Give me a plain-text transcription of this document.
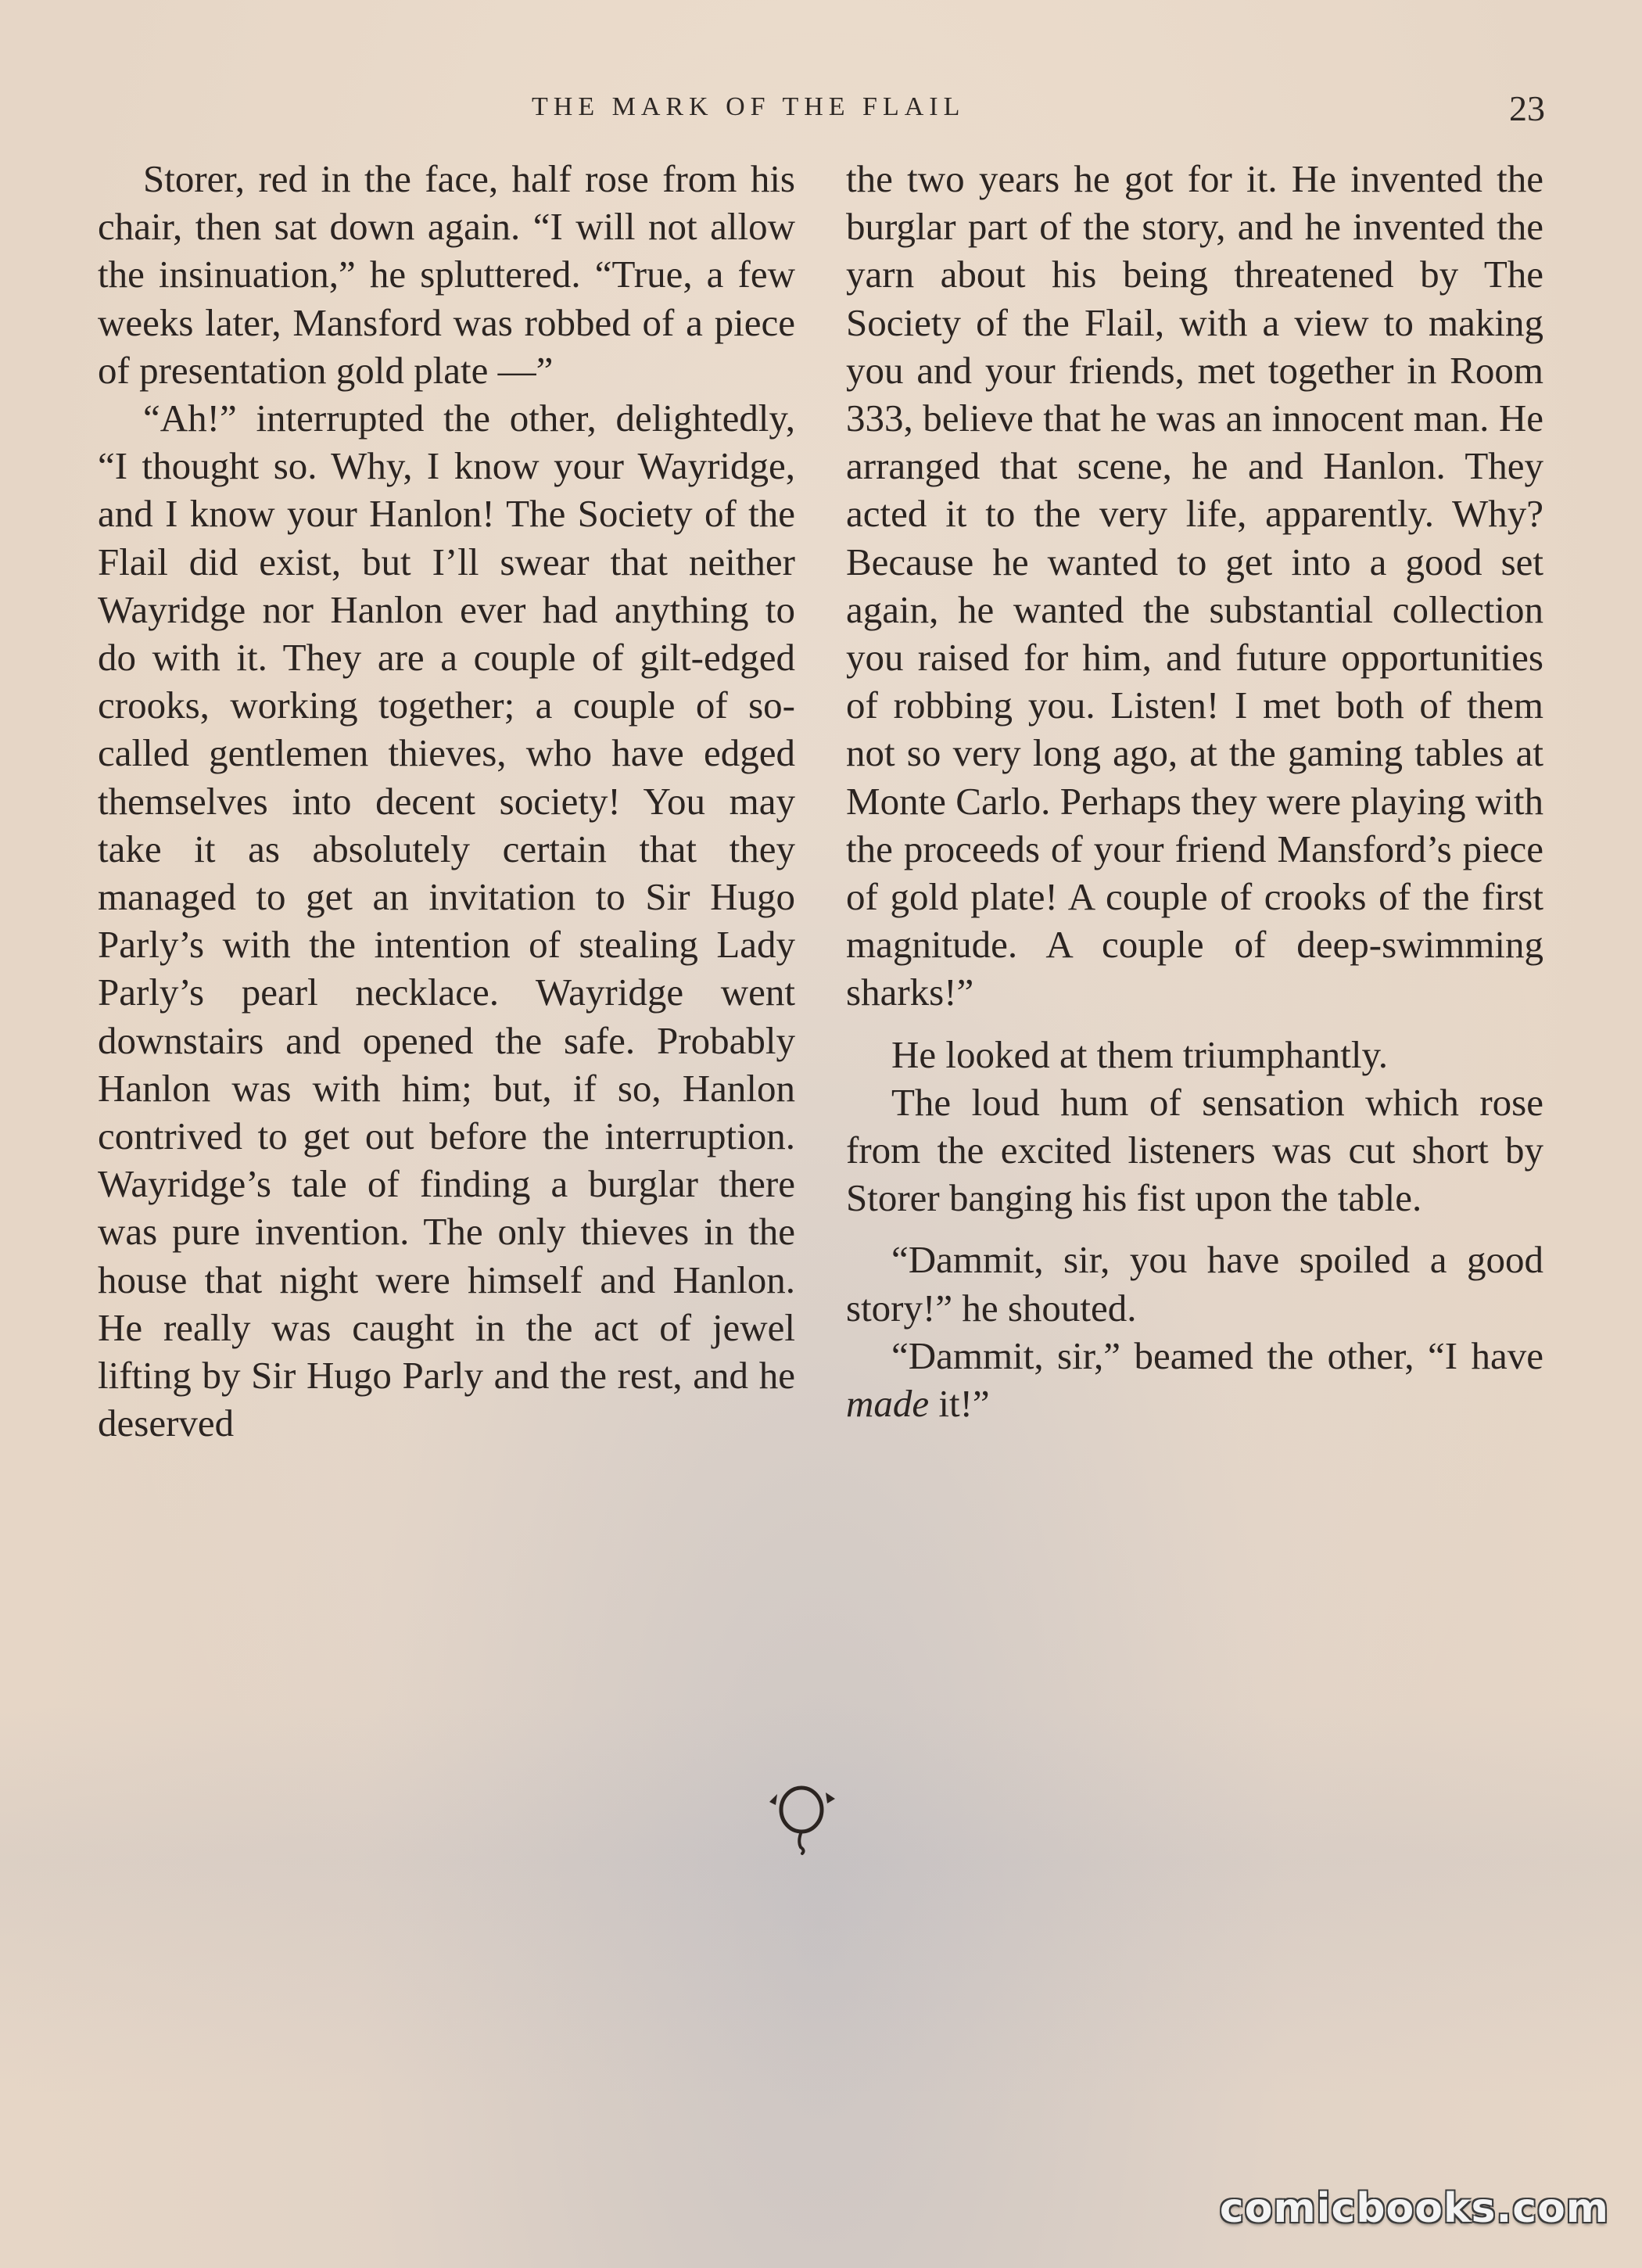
THE MARK OF THE FLAIL	23

Storer, red in the face, half rose from his chair, then sat down again. “I will not allow the insinuation,” he spluttered. “True, a few weeks later, Mansford was robbed of a piece of presentation gold plate —”

“Ah!” interrupted the other, delightedly, “I thought so. Why, I know your Wayridge, and I know your Hanlon! The Society of the Flail did exist, but I’ll swear that neither Wayridge nor Hanlon ever had anything to do with it. They are a couple of gilt-edged crooks, working together; a couple of so-called gentlemen thieves, who have edged themselves into decent society! You may take it as absolutely certain that they managed to get an invitation to Sir Hugo Parly’s with the intention of stealing Lady Parly’s pearl necklace. Wayridge went downstairs and opened the safe. Probably Hanlon was with him; but, if so, Hanlon contrived to get out before the interruption. Wayridge’s tale of finding a burglar there was pure invention. The only thieves in the house that night were himself and Hanlon. He really was caught in the act of jewel lifting by Sir Hugo Parly and the rest, and he deserved

the two years he got for it. He invented the burglar part of the story, and he invented the yarn about his being threatened by The Society of the Flail, with a view to making you and your friends, met together in Room 333, believe that he was an innocent man. He arranged that scene, he and Hanlon. They acted it to the very life, apparently. Why? Because he wanted to get into a good set again, he wanted the substantial collection you raised for him, and future opportunities of robbing you. Listen! I met both of them not so very long ago, at the gaming tables at Monte Carlo. Perhaps they were playing with the proceeds of your friend Mansford’s piece of gold plate! A couple of crooks of the first magnitude. A couple of deep-swimming sharks!”

He looked at them triumphantly.

The loud hum of sensation which rose from the excited listeners was cut short by Storer banging his fist upon the table.

“Dammit, sir, you have spoiled a good story!” he shouted.

“Dammit, sir,” beamed the other, “I have made it!”

comicbooks.com
